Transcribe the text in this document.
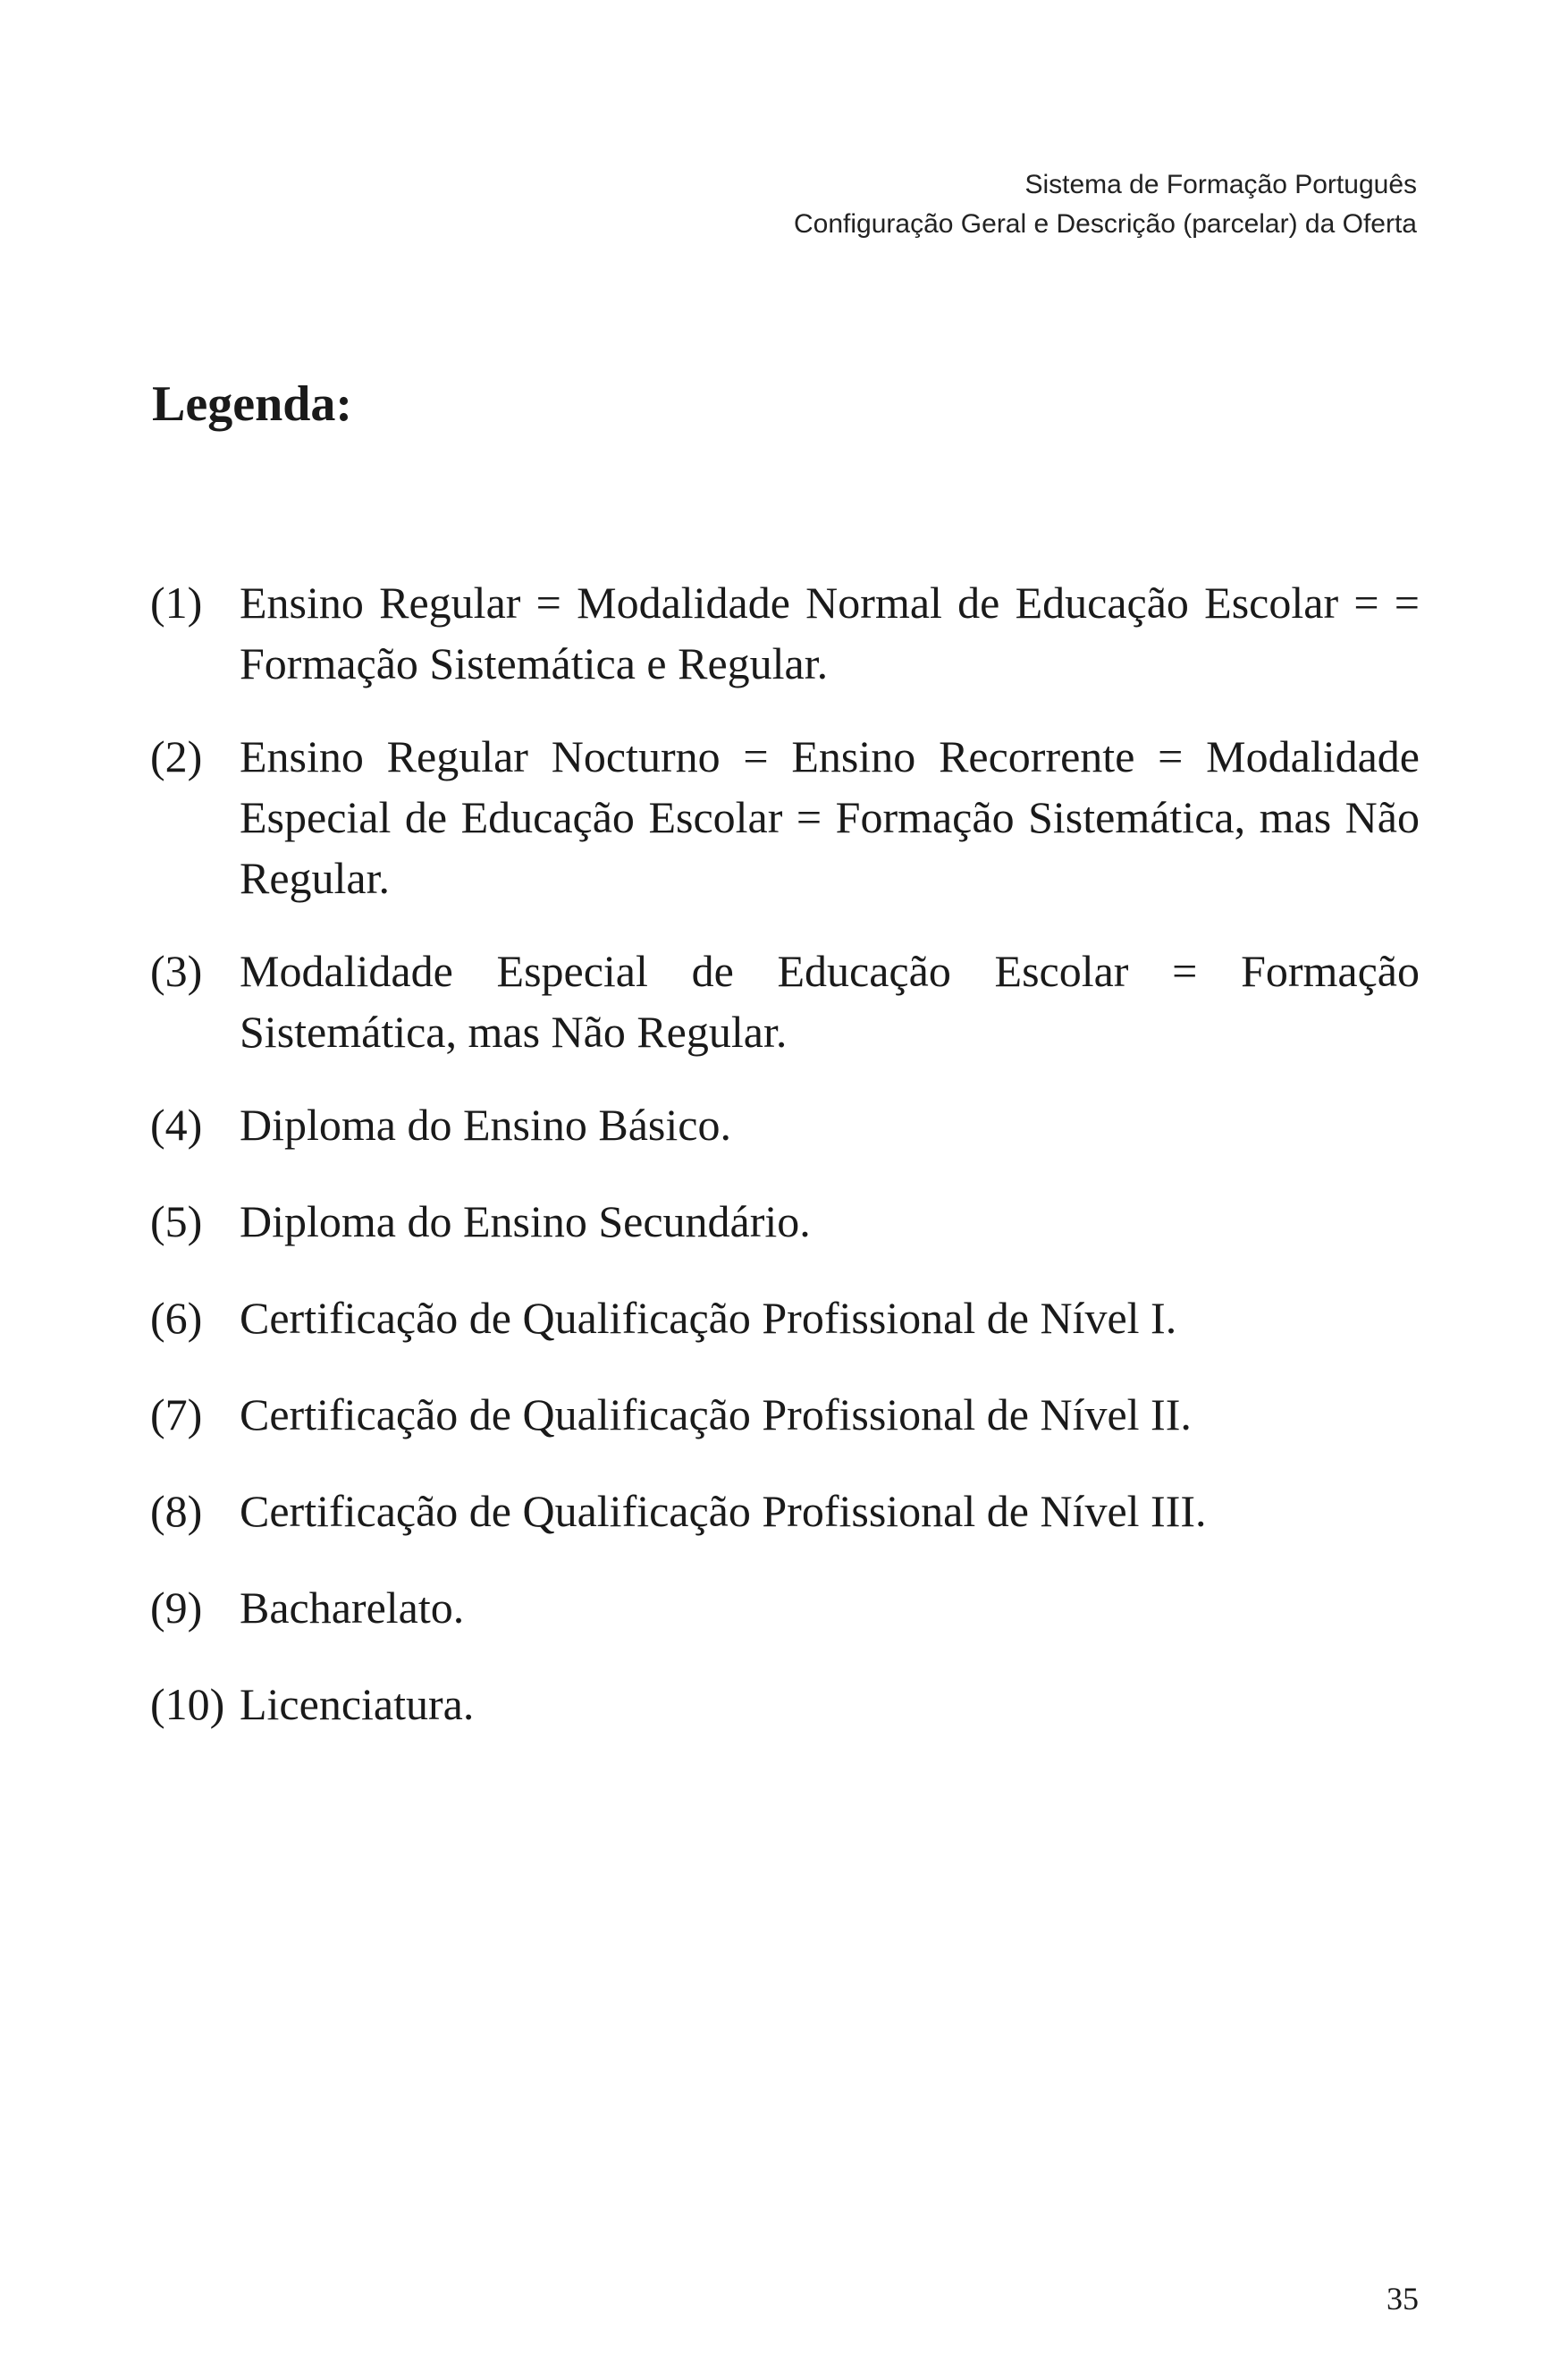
Sistema de Formação Português
Configuração Geral e Descrição (parcelar) da Oferta
Legenda:
(1) Ensino Regular = Modalidade Normal de Educação Escolar = = Formação Sistemática e Regular.
(2) Ensino Regular Nocturno = Ensino Recorrente = Modalidade Especial de Educação Escolar = Formação Sistemática, mas Não Regular.
(3) Modalidade Especial de Educação Escolar = Formação Sistemática, mas Não Regular.
(4) Diploma do Ensino Básico.
(5) Diploma do Ensino Secundário.
(6) Certificação de Qualificação Profissional de Nível I.
(7) Certificação de Qualificação Profissional de Nível II.
(8) Certificação de Qualificação Profissional de Nível III.
(9) Bacharelato.
(10) Licenciatura.
35
